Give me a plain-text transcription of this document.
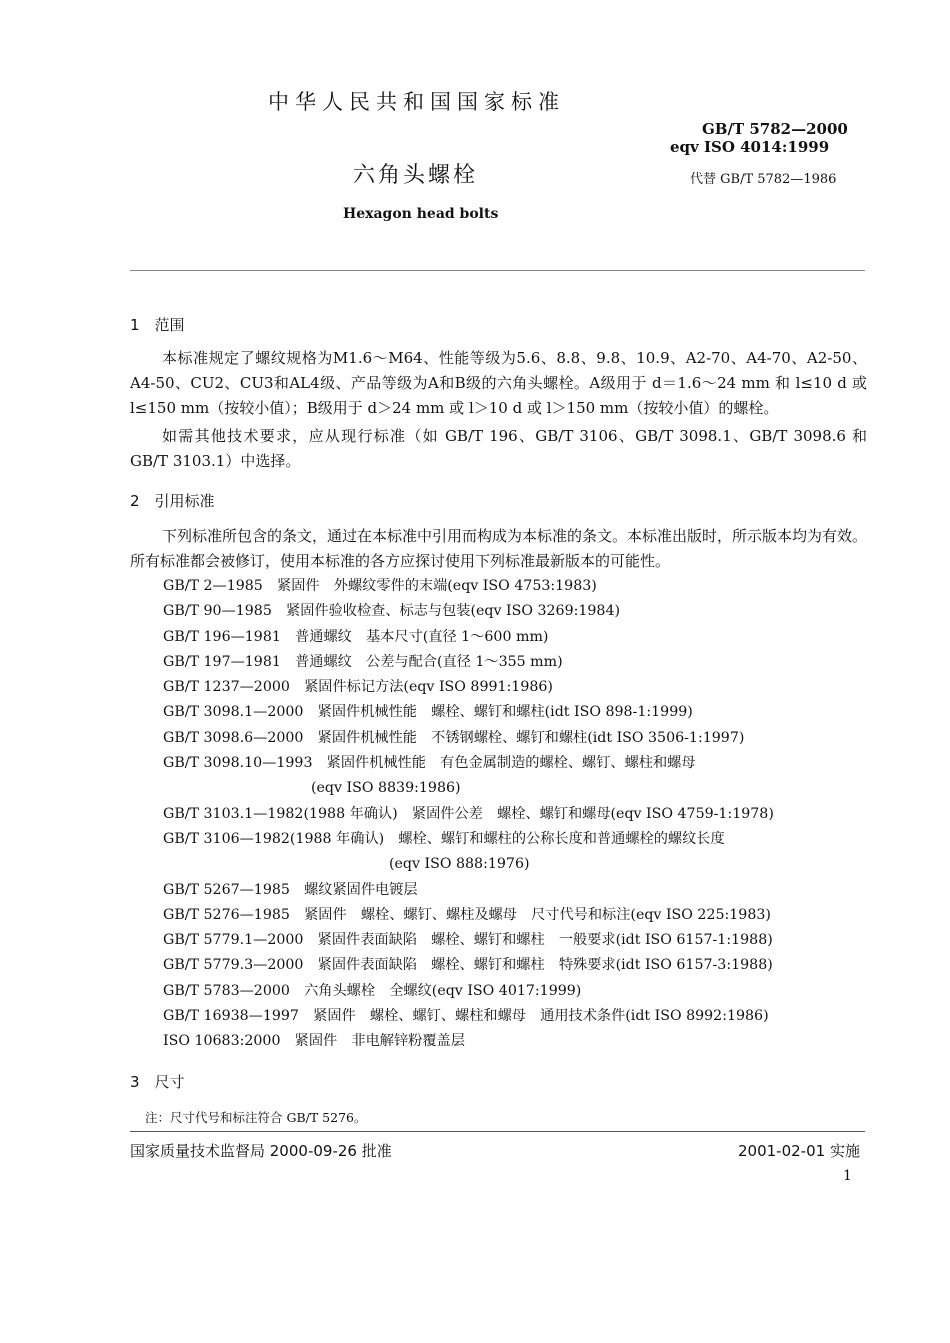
中华人民共和国国家标准
GB/T 5782—2000
eqv ISO 4014:1999
六角头螺栓	代替 GB/T 5782—1986
Hexagon head bolts
1　范围
本标准规定了螺纹规格为M1.6～M64、性能等级为5.6、8.8、9.8、10.9、A2-70、A4-70、A2-50、A4-50、CU2、CU3和AL4级、产品等级为A和B级的六角头螺栓。A级用于 d＝1.6～24 mm 和 l≤10 d 或 l≤150 mm（按较小值）；B级用于 d＞24 mm 或 l＞10 d 或 l＞150 mm（按较小值）的螺栓。
如需其他技术要求，应从现行标准（如 GB/T 196、GB/T 3106、GB/T 3098.1、GB/T 3098.6 和 GB/T 3103.1）中选择。
2　引用标准
下列标准所包含的条文，通过在本标准中引用而构成为本标准的条文。本标准出版时，所示版本均为有效。所有标准都会被修订，使用本标准的各方应探讨使用下列标准最新版本的可能性。
GB/T 2—1985　紧固件　外螺纹零件的末端(eqv ISO 4753:1983)
GB/T 90—1985　紧固件验收检查、标志与包装(eqv ISO 3269:1984)
GB/T 196—1981　普通螺纹　基本尺寸(直径 1～600 mm)
GB/T 197—1981　普通螺纹　公差与配合(直径 1～355 mm)
GB/T 1237—2000　紧固件标记方法(eqv ISO 8991:1986)
GB/T 3098.1—2000　紧固件机械性能　螺栓、螺钉和螺柱(idt ISO 898-1:1999)
GB/T 3098.6—2000　紧固件机械性能　不锈钢螺栓、螺钉和螺柱(idt ISO 3506-1:1997)
GB/T 3098.10—1993　紧固件机械性能　有色金属制造的螺栓、螺钉、螺柱和螺母
(eqv ISO 8839:1986)
GB/T 3103.1—1982(1988 年确认)　紧固件公差　螺栓、螺钉和螺母(eqv ISO 4759-1:1978)
GB/T 3106—1982(1988 年确认)　螺栓、螺钉和螺柱的公称长度和普通螺栓的螺纹长度
(eqv ISO 888:1976)
GB/T 5267—1985　螺纹紧固件电镀层
GB/T 5276—1985　紧固件　螺栓、螺钉、螺柱及螺母　尺寸代号和标注(eqv ISO 225:1983)
GB/T 5779.1—2000　紧固件表面缺陷　螺栓、螺钉和螺柱　一般要求(idt ISO 6157-1:1988)
GB/T 5779.3—2000　紧固件表面缺陷　螺栓、螺钉和螺柱　特殊要求(idt ISO 6157-3:1988)
GB/T 5783—2000　六角头螺栓　全螺纹(eqv ISO 4017:1999)
GB/T 16938—1997　紧固件　螺栓、螺钉、螺柱和螺母　通用技术条件(idt ISO 8992:1986)
ISO 10683:2000　紧固件　非电解锌粉覆盖层
3　尺寸
注：尺寸代号和标注符合 GB/T 5276。
国家质量技术监督局 2000-09-26 批准	2001-02-01 实施
1
